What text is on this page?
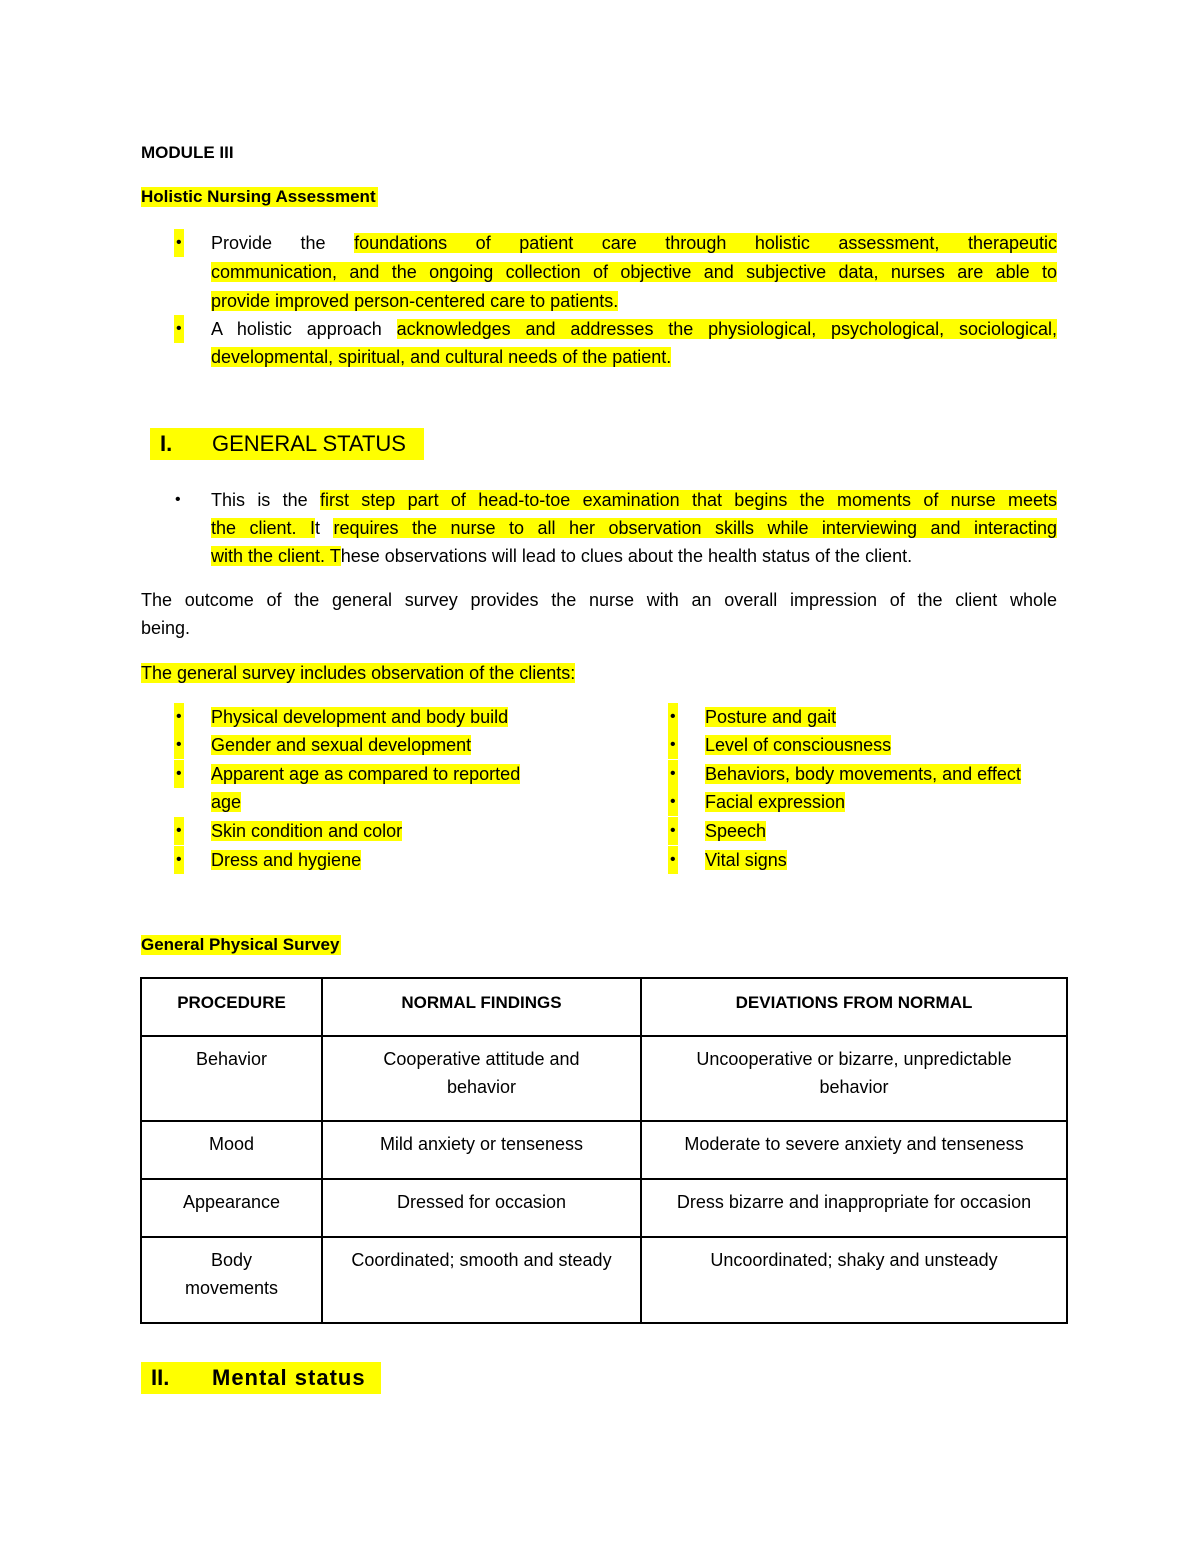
MODULE III
Holistic Nursing Assessment
• Provide the foundations of patient care through holistic assessment, therapeutic
communication, and the ongoing collection of objective and subjective data, nurses are able to
provide improved person-centered care to patients.
• A holistic approach acknowledges and addresses the physiological, psychological, sociological,
developmental, spiritual, and cultural needs of the patient.
I. GENERAL STATUS
• This is the first step part of head-to-toe examination that begins the moments of nurse meets
the client. It requires the nurse to all her observation skills while interviewing and interacting
with the client. These observations will lead to clues about the health status of the client.
The outcome of the general survey provides the nurse with an overall impression of the client whole
being.
The general survey includes observation of the clients:
• Physical development and body build
• Gender and sexual development
• Apparent age as compared to reported
age
• Skin condition and color
• Dress and hygiene
• Posture and gait
• Level of consciousness
• Behaviors, body movements, and effect
• Facial expression
• Speech
• Vital signs
General Physical Survey
PROCEDURE	NORMAL FINDINGS	DEVIATIONS FROM NORMAL
Behavior	Cooperative attitude and behavior	Uncooperative or bizarre, unpredictable behavior
Mood	Mild anxiety or tenseness	Moderate to severe anxiety and tenseness
Appearance	Dressed for occasion	Dress bizarre and inappropriate for occasion
Body movements	Coordinated; smooth and steady	Uncoordinated; shaky and unsteady
II. Mental status
